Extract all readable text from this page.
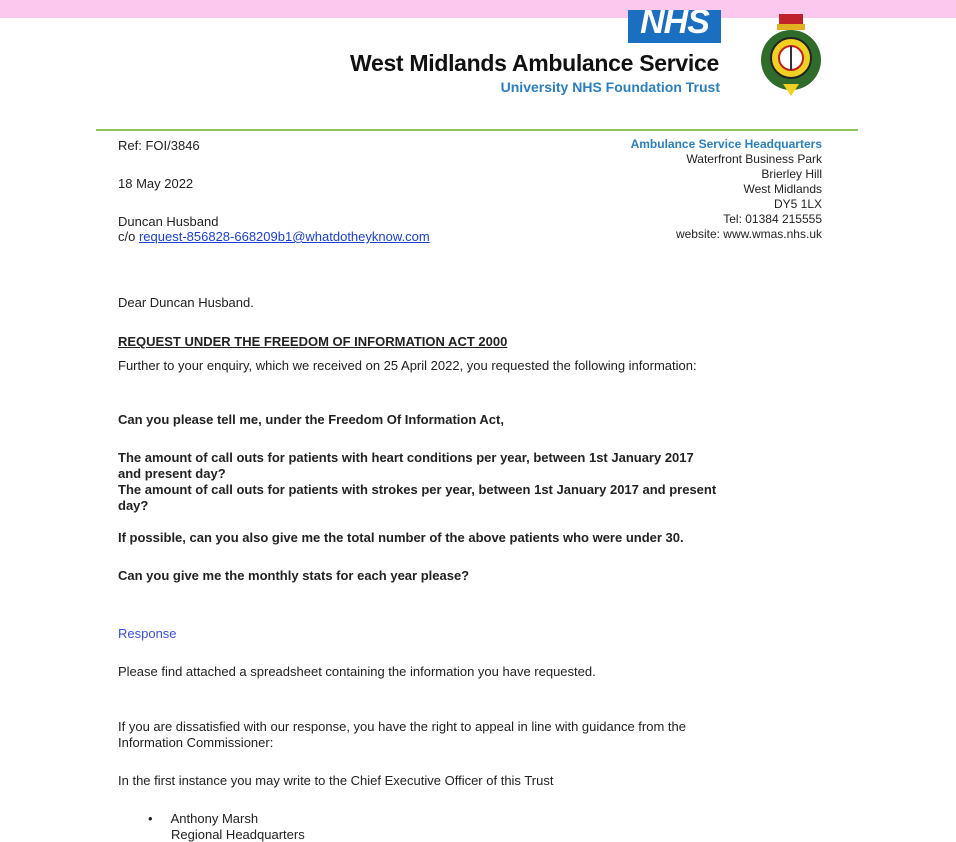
NHS
West Midlands Ambulance Service
University NHS Foundation Trust
Ref: FOI/3846
18 May 2022
Duncan Husband
c/o request-856828-668209b1@whatdotheyknow.com
Ambulance Service Headquarters
Waterfront Business Park
Brierley Hill
West Midlands
DY5 1LX
Tel: 01384 215555
website: www.wmas.nhs.uk
Dear Duncan Husband.
REQUEST UNDER THE FREEDOM OF INFORMATION ACT 2000
Further to your enquiry, which we received on 25 April 2022, you requested the following information:
Can you please tell me, under the Freedom Of Information Act,
The amount of call outs for patients with heart conditions per year, between 1st January 2017 and present day?
The amount of call outs for patients with strokes per year, between 1st January 2017 and present day?
If possible, can you also give me the total number of the above patients who were under 30.
Can you give me the monthly stats for each year please?
Response
Please find attached a spreadsheet containing the information you have requested.
If you are dissatisfied with our response, you have the right to appeal in line with guidance from the Information Commissioner:
In the first instance you may write to the Chief Executive Officer of this Trust
•     Anthony Marsh
Regional Headquarters
